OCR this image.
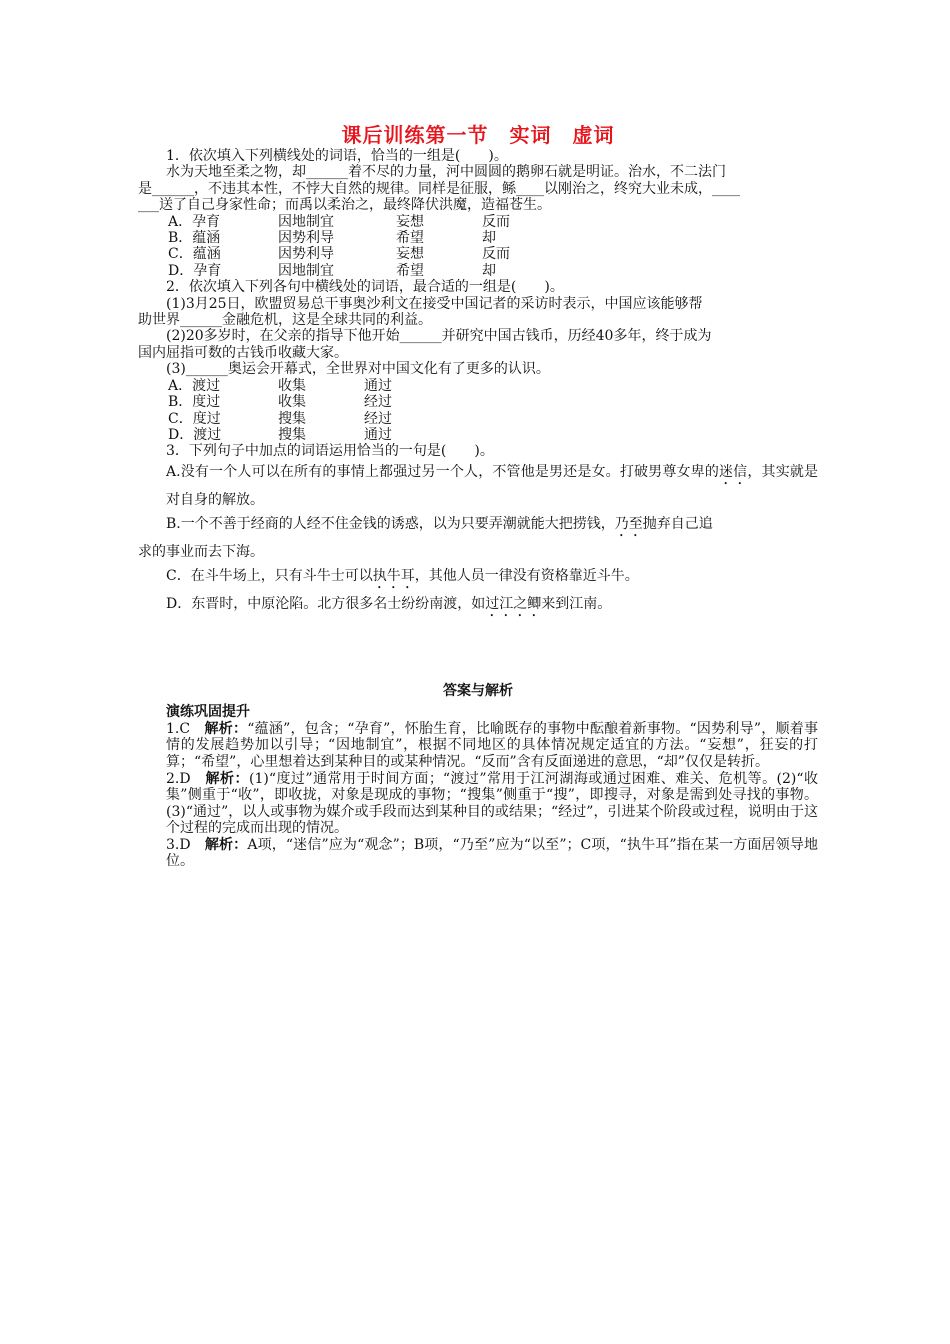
课后训练第一节　实词　虚词

1．依次填入下列横线处的词语，恰当的一组是(　　)。

水为天地至柔之物，却______着不尽的力量，河中圆圆的鹅卵石就是明证。治水，不二法门

是______，不违其本性，不悖大自然的规律。同样是征服，鲧____以刚治之，终究大业未成，____

___送了自己身家性命；而禹以柔治之，最终降伏洪魔，造福苍生。

A．孕育	因地制宜	妄想	反而
B．蕴涵	因势利导	希望	却
C．蕴涵	因势利导	妄想	反而
D．孕育	因地制宜	希望	却

2．依次填入下列各句中横线处的词语，最合适的一组是(　　)。

(1)3月25日，欧盟贸易总干事奥沙利文在接受中国记者的采访时表示，中国应该能够帮

助世界______金融危机，这是全球共同的利益。

(2)20多岁时，在父亲的指导下他开始______并研究中国古钱币，历经40多年，终于成为

国内屈指可数的古钱币收藏大家。

(3)______奥运会开幕式，全世界对中国文化有了更多的认识。

A．渡过	收集	通过
B．度过	收集	经过
C．度过	搜集	经过
D．渡过	搜集	通过

3．下列句子中加点的词语运用恰当的一句是(　　)。

A.没有一个人可以在所有的事情上都强过另一个人，不管他是男还是女。打破男尊女卑的迷信，其实就是对自身的解放。

B.一个不善于经商的人经不住金钱的诱惑，以为只要弄潮就能大把捞钱，乃至抛弃自己追

求的事业而去下海。

C．在斗牛场上，只有斗牛士可以执牛耳，其他人员一律没有资格靠近斗牛。

D．东晋时，中原沦陷。北方很多名士纷纷南渡，如过江之鲫来到江南。

答案与解析
演练巩固提升

1.C　解析：“蕴涵”，包含；“孕育”，怀胎生育，比喻既存的事物中酝酿着新事物。“因势利导”，顺着事情的发展趋势加以引导；“因地制宜”，根据不同地区的具体情况规定适宜的方法。“妄想”，狂妄的打算；“希望”，心里想着达到某种目的或某种情况。“反而”含有反面递进的意思，“却”仅仅是转折。

2.D　解析：(1)“度过”通常用于时间方面；“渡过”常用于江河湖海或通过困难、难关、危机等。(2)“收集”侧重于“收”，即收拢，对象是现成的事物；“搜集”侧重于“搜”，即搜寻，对象是需到处寻找的事物。(3)“通过”，以人或事物为媒介或手段而达到某种目的或结果；“经过”，引进某个阶段或过程，说明由于这个过程的完成而出现的情况。

3.D　解析：A项，“迷信”应为“观念”；B项，“乃至”应为“以至”；C项，“执牛耳”指在某一方面居领导地位。
